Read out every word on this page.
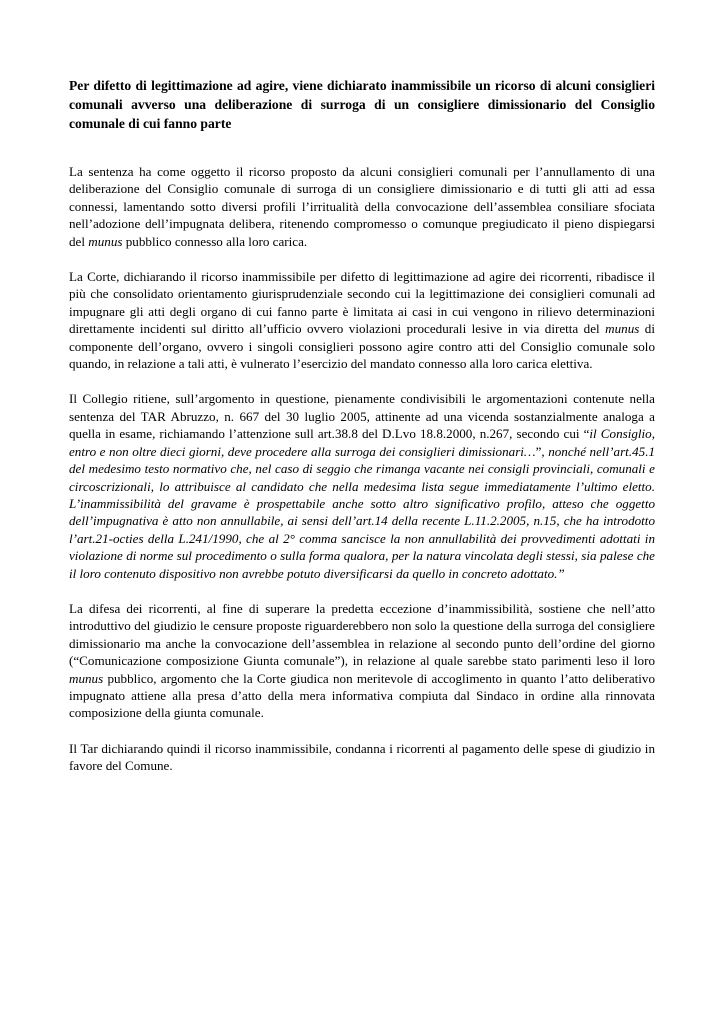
Per difetto di legittimazione ad agire, viene dichiarato inammissibile un ricorso di alcuni consiglieri comunali avverso una deliberazione di surroga di un consigliere dimissionario del Consiglio comunale di cui fanno parte

La sentenza ha come oggetto il ricorso proposto da alcuni consiglieri comunali per l’annullamento di una deliberazione del Consiglio comunale di surroga di un consigliere dimissionario e di tutti gli atti ad essa connessi, lamentando sotto diversi profili l’irritualità della convocazione dell’assemblea consiliare sfociata nell’adozione dell’impugnata delibera, ritenendo compromesso o comunque pregiudicato il pieno dispiegarsi del munus pubblico connesso alla loro carica.

La Corte, dichiarando il ricorso inammissibile per difetto di legittimazione ad agire dei ricorrenti, ribadisce il più che consolidato orientamento giurisprudenziale secondo cui la legittimazione dei consiglieri comunali ad impugnare gli atti degli organo di cui fanno parte è limitata ai casi in cui vengono in rilievo determinazioni direttamente incidenti sul diritto all’ufficio ovvero violazioni procedurali lesive in via diretta del munus di componente dell’organo, ovvero i singoli consiglieri possono agire contro atti del Consiglio comunale solo quando, in relazione a tali atti, è vulnerato l’esercizio del mandato connesso alla loro carica elettiva.

Il Collegio ritiene, sull’argomento in questione, pienamente condivisibili le argomentazioni contenute nella sentenza del TAR Abruzzo, n. 667 del 30 luglio 2005, attinente ad una vicenda sostanzialmente analoga a quella in esame, richiamando l’attenzione sull art.38.8 del D.Lvo 18.8.2000, n.267, secondo cui “il Consiglio, entro e non oltre dieci giorni, deve procedere alla surroga dei consiglieri dimissionari…”, nonché nell’art.45.1 del medesimo testo normativo che, nel caso di seggio che rimanga vacante nei consigli provinciali, comunali e circoscrizionali, lo attribuisce al candidato che nella medesima lista segue immediatamente l’ultimo eletto. L’inammissibilità del gravame è prospettabile anche sotto altro significativo profilo, atteso che oggetto dell’impugnativa è atto non annullabile, ai sensi dell’art.14 della recente L.11.2.2005, n.15, che ha introdotto l’art.21-octies della L.241/1990, che al 2° comma sancisce la non annullabilità dei provvedimenti adottati in violazione di norme sul procedimento o sulla forma qualora, per la natura vincolata degli stessi, sia palese che il loro contenuto dispositivo non avrebbe potuto diversificarsi da quello in concreto adottato.”

La difesa dei ricorrenti, al fine di superare la predetta eccezione d’inammissibilità, sostiene che nell’atto introduttivo del giudizio le censure proposte riguarderebbero non solo la questione della surroga del consigliere dimissionario ma anche la convocazione dell’assemblea in relazione al secondo punto dell’ordine del giorno (“Comunicazione composizione Giunta comunale”), in relazione al quale sarebbe stato parimenti leso il loro munus pubblico, argomento che la Corte giudica non meritevole di accoglimento in quanto l’atto deliberativo impugnato attiene alla presa d’atto della mera informativa compiuta dal Sindaco in ordine alla rinnovata composizione della giunta comunale.

Il Tar dichiarando quindi il ricorso inammissibile, condanna i ricorrenti al pagamento delle spese di giudizio in favore del Comune.
